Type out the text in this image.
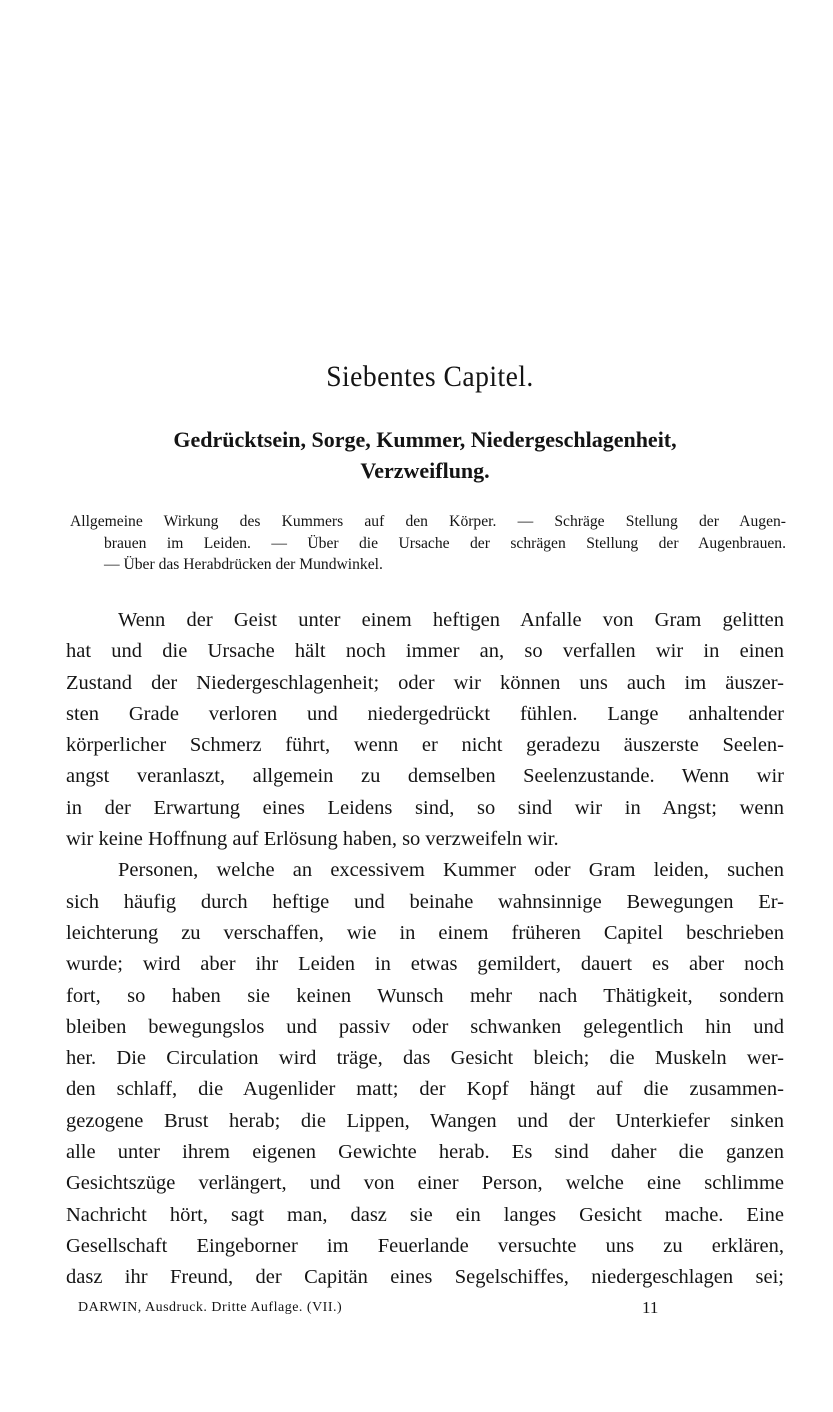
Siebentes Capitel.
Gedrücktsein, Sorge, Kummer, Niedergeschlagenheit,
Verzweiflung.
Allgemeine Wirkung des Kummers auf den Körper. — Schräge Stellung der Augen-
brauen im Leiden. — Über die Ursache der schrägen Stellung der Augenbrauen.
— Über das Herabdrücken der Mundwinkel.
Wenn der Geist unter einem heftigen Anfalle von Gram gelitten
hat und die Ursache hält noch immer an, so verfallen wir in einen
Zustand der Niedergeschlagenheit; oder wir können uns auch im äuszer-
sten Grade verloren und niedergedrückt fühlen. Lange anhaltender
körperlicher Schmerz führt, wenn er nicht geradezu äuszerste Seelen-
angst veranlaszt, allgemein zu demselben Seelenzustande. Wenn wir
in der Erwartung eines Leidens sind, so sind wir in Angst; wenn
wir keine Hoffnung auf Erlösung haben, so verzweifeln wir.
Personen, welche an excessivem Kummer oder Gram leiden, suchen
sich häufig durch heftige und beinahe wahnsinnige Bewegungen Er-
leichterung zu verschaffen, wie in einem früheren Capitel beschrieben
wurde; wird aber ihr Leiden in etwas gemildert, dauert es aber noch
fort, so haben sie keinen Wunsch mehr nach Thätigkeit, sondern
bleiben bewegungslos und passiv oder schwanken gelegentlich hin und
her. Die Circulation wird träge, das Gesicht bleich; die Muskeln wer-
den schlaff, die Augenlider matt; der Kopf hängt auf die zusammen-
gezogene Brust herab; die Lippen, Wangen und der Unterkiefer sinken
alle unter ihrem eigenen Gewichte herab. Es sind daher die ganzen
Gesichtszüge verlängert, und von einer Person, welche eine schlimme
Nachricht hört, sagt man, dasz sie ein langes Gesicht mache. Eine
Gesellschaft Eingeborner im Feuerlande versuchte uns zu erklären,
dasz ihr Freund, der Capitän eines Segelschiffes, niedergeschlagen sei;
DARWIN, Ausdruck. Dritte Auflage. (VII.)	11
